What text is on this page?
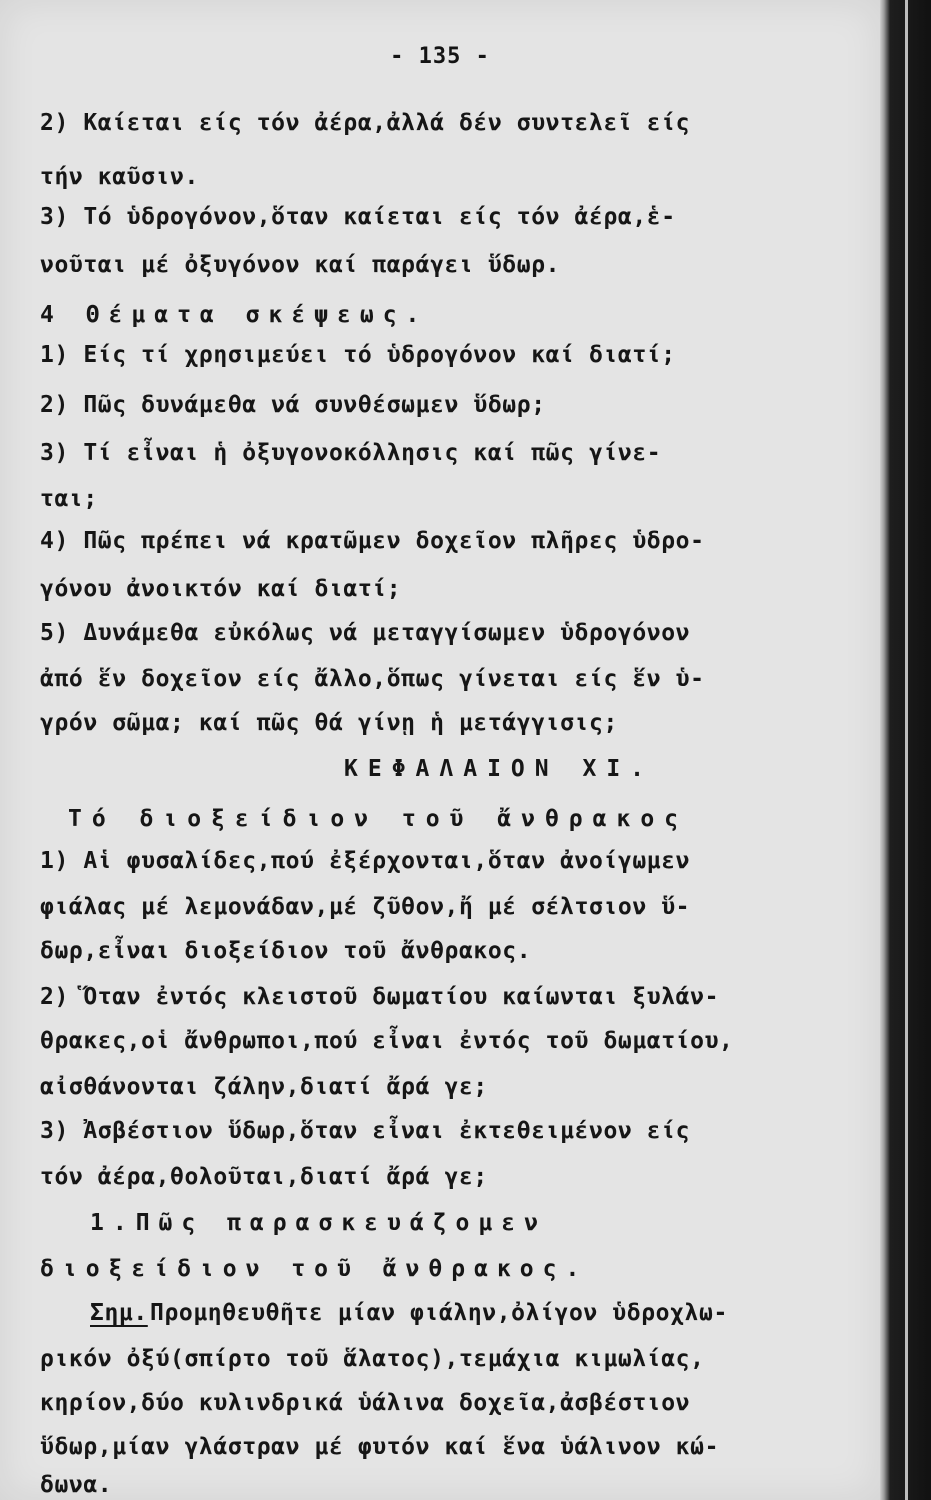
- 135 -
2) Καίεται είς τόν ἀέρα,ἀλλά δέν συντελεῖ είς
τήν καῦσιν.
3) Τό ὑδρογόνον,ὅταν καίεται είς τόν ἀέρα,ἑ-
νοῦται μέ ὀξυγόνον καί παράγει ὕδωρ.
4 Θέματα σκέψεως.
1) Είς τί χρησιμεύει τό ὑδρογόνον καί διατί;
2) Πῶς δυνάμεθα νά συνθέσωμεν ὕδωρ;
3) Τί εἶναι ἡ ὀξυγονοκόλλησις καί πῶς γίνε-
ται;
4) Πῶς πρέπει νά κρατῶμεν δοχεῖον πλῆρες ὑδρο-
γόνου ἀνοικτόν καί διατί;
5) Δυνάμεθα εὐκόλως νά μεταγγίσωμεν ὑδρογόνον
ἀπό ἕν δοχεῖον είς ἄλλο,ὅπως γίνεται είς ἕν ὑ-
γρόν σῶμα; καί πῶς θά γίνῃ ἡ μετάγγισις;
ΚΕΦΑΛΑΙΟΝ ΧΙ.
Τό διοξείδιον τοῦ ἄνθρακος
1) Αἱ φυσαλίδες,πού ἐξέρχονται,ὅταν ἀνοίγωμεν
φιάλας μέ λεμονάδαν,μέ ζῦθον,ἤ μέ σέλτσιον ὕ-
δωρ,εἶναι διοξείδιον τοῦ ἄνθρακος.
2) Ὅταν ἐντός κλειστοῦ δωματίου καίωνται ξυλάν-
θρακες,οἱ ἄνθρωποι,πού εἶναι ἐντός τοῦ δωματίου,
αἰσθάνονται ζάλην,διατί ἄρά γε;
3) Ἀσβέστιον ὕδωρ,ὅταν εἶναι ἐκτεθειμένον είς
τόν ἀέρα,θολοῦται,διατί ἄρά γε;
1.Πῶς παρασκευάζομεν
διοξείδιον τοῦ ἄνθρακος.
Σημ. Προμηθευθῆτε μίαν φιάλην,ὀλίγον ὑδροχλω-
ρικόν ὀξύ(σπίρτο τοῦ ἅλατος),τεμάχια κιμωλίας,
κηρίον,δύο κυλινδρικά ὑάλινα δοχεῖα,ἀσβέστιον
ὕδωρ,μίαν γλάστραν μέ φυτόν καί ἕνα ὑάλινον κώ-
δωνα.
